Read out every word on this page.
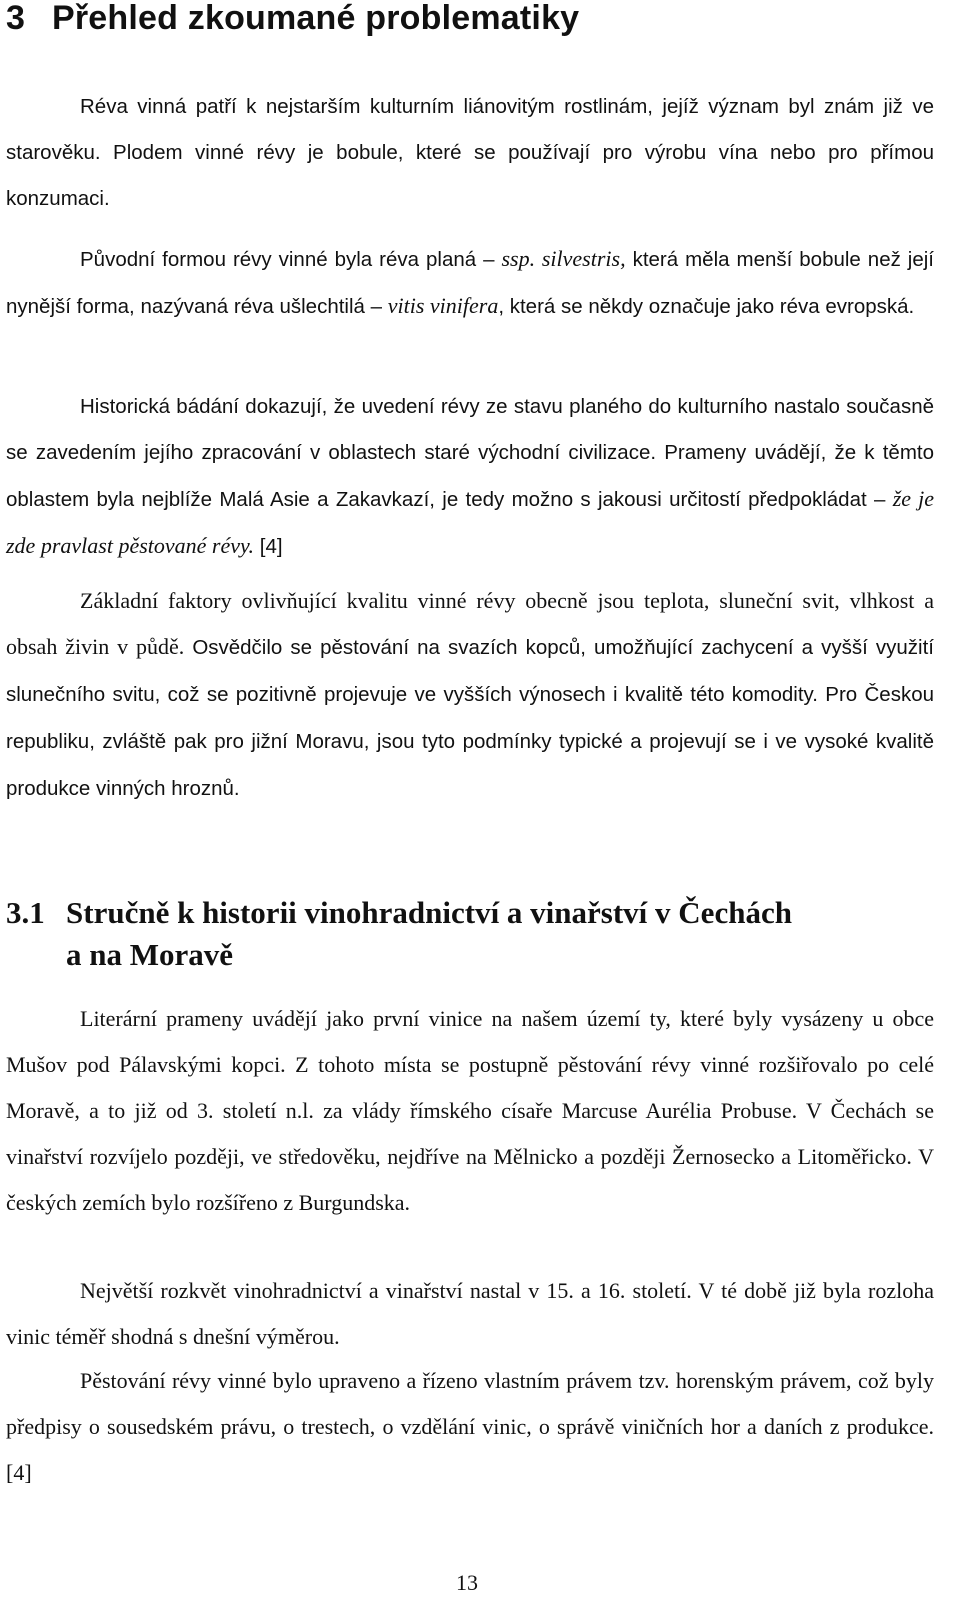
3 Přehled zkoumané problematiky

Réva vinná patří k nejstarším kulturním liánovitým rostlinám, jejíž význam byl znám již ve starověku. Plodem vinné révy je bobule, které se používají pro výrobu vína nebo pro přímou konzumaci.

Původní formou révy vinné byla réva planá – ssp. silvestris, která měla menší bobule než její nynější forma, nazývaná réva ušlechtilá – vitis vinifera, která se někdy označuje jako réva evropská.

Historická bádání dokazují, že uvedení révy ze stavu planého do kulturního nastalo současně se zavedením jejího zpracování v oblastech staré východní civilizace. Prameny uvádějí, že k těmto oblastem byla nejblíže Malá Asie a Zakavkazí, je tedy možno s jakousi určitostí předpokládat – že je zde pravlast pěstované révy. [4]

Základní faktory ovlivňující kvalitu vinné révy obecně jsou teplota, sluneční svit, vlhkost a obsah živin v půdě. Osvědčilo se pěstování na svazích kopců, umožňující zachycení a vyšší využití slunečního svitu, což se pozitivně projevuje ve vyšších výnosech i kvalitě této komodity. Pro Českou republiku, zvláště pak pro jižní Moravu, jsou tyto podmínky typické a projevují se i ve vysoké kvalitě produkce vinných hroznů.

3.1 Stručně k historii vinohradnictví a vinařství v Čechách
a na Moravě

Literární prameny uvádějí jako první vinice na našem území ty, které byly vysázeny u obce Mušov pod Pálavskými kopci. Z tohoto místa se postupně pěstování révy vinné rozšiřovalo po celé Moravě, a to již od 3. století n.l. za vlády římského císaře Marcuse Aurélia Probuse. V Čechách se vinařství rozvíjelo později, ve středověku, nejdříve na Mělnicko a později Žernosecko a Litoměřicko. V českých zemích bylo rozšířeno z Burgundska.

Největší rozkvět vinohradnictví a vinařství nastal v 15. a 16. století. V té době již byla rozloha vinic téměř shodná s dnešní výměrou.

Pěstování révy vinné bylo upraveno a řízeno vlastním právem tzv. horenským právem, což byly předpisy o sousedském právu, o trestech, o vzdělání vinic, o správě viničních hor a daních z produkce. [4]

13
